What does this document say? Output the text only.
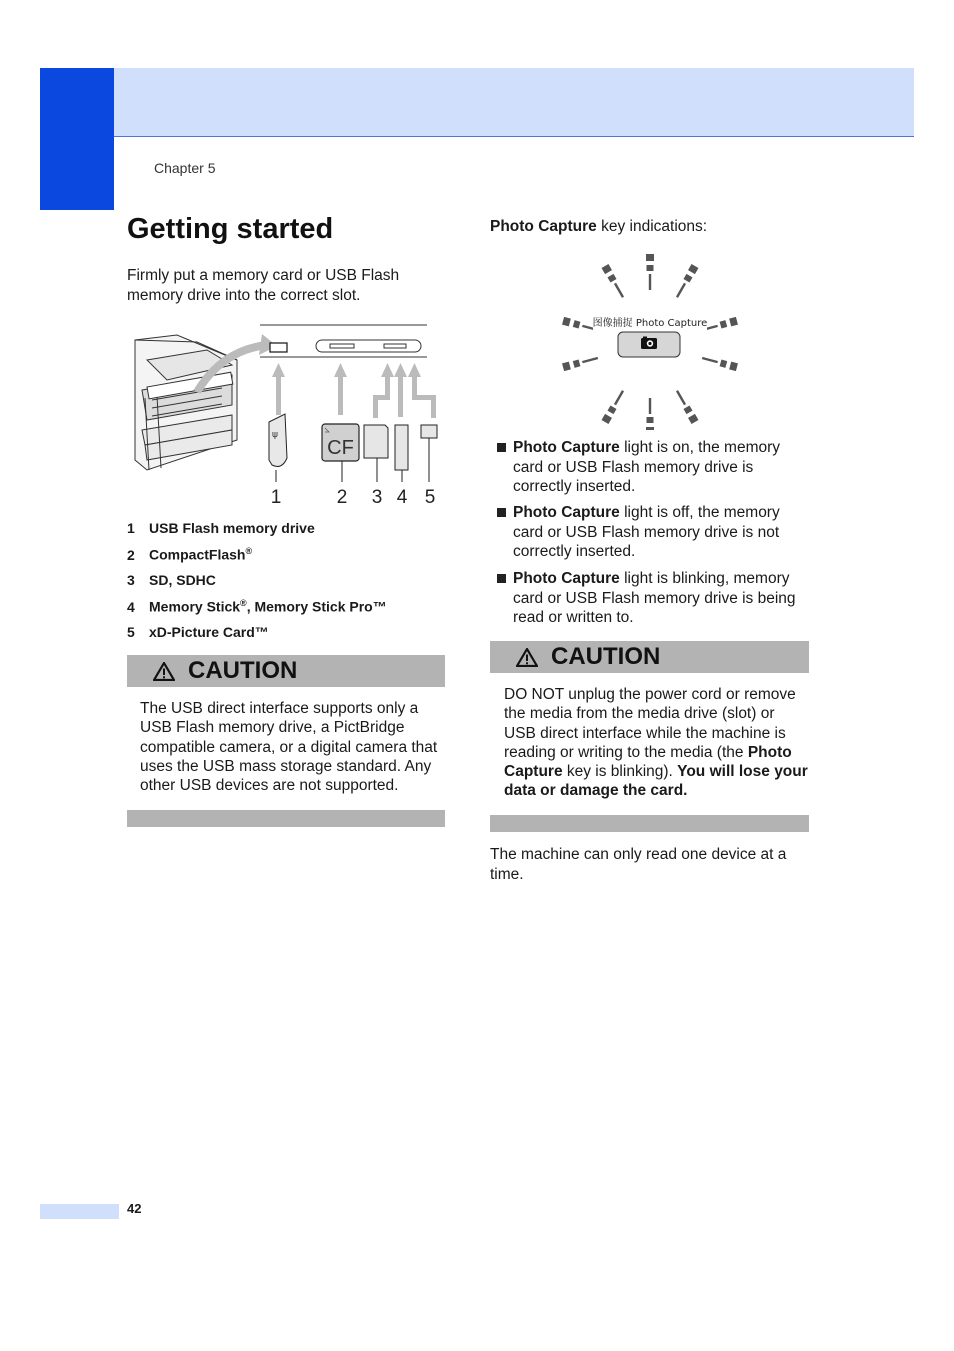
Chapter 5
Getting started
Firmly put a memory card or USB Flash memory drive into the correct slot.
ψ
CF
1	2 3 4 5
1 USB Flash memory drive
2 CompactFlash®
3 SD, SDHC
4 Memory Stick®, Memory Stick Pro™
5 xD-Picture Card™
CAUTION
The USB direct interface supports only a USB Flash memory drive, a PictBridge compatible camera, or a digital camera that uses the USB mass storage standard. Any other USB devices are not supported.
Photo Capture key indications:
图像捕捉 Photo Capture
Photo Capture light is on, the memory card or USB Flash memory drive is correctly inserted.
Photo Capture light is off, the memory card or USB Flash memory drive is not correctly inserted.
Photo Capture light is blinking, memory card or USB Flash memory drive is being read or written to.
CAUTION
DO NOT unplug the power cord or remove the media from the media drive (slot) or USB direct interface while the machine is reading or writing to the media (the Photo Capture key is blinking). You will lose your data or damage the card.
The machine can only read one device at a time.
42
